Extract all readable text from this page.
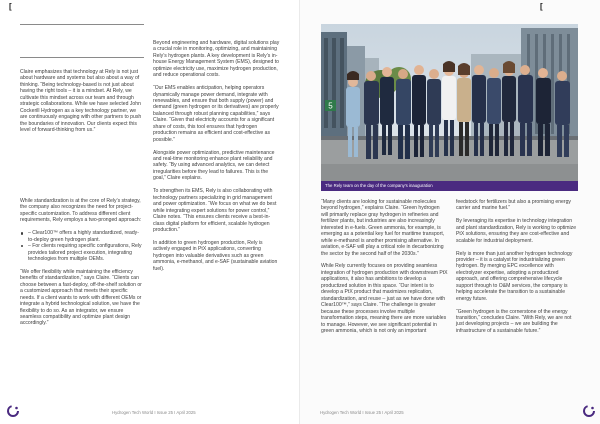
[

Claire emphasizes that technology at Rely is not just about hardware and systems but also about a way of thinking. “Being technology-based is not just about having the right tools – it is a mindset. At Rely, we cultivate this mindset across our team and through strategic collaborations. While we have selected John Cockerill Hydrogen as a key technology partner, we are continuously engaging with other partners to push the boundaries of innovation. Our clients expect this level of forward-thinking from us.”

While standardization is at the core of Rely’s strategy, the company also recognizes the need for project-specific customization. To address different client requirements, Rely employs a two-pronged approach:

– Clear100™ offers a highly standardized, ready-to-deploy green hydrogen plant.
– For clients requiring specific configurations, Rely provides tailored project execution, integrating technologies from multiple OEMs.

“We offer flexibility while maintaining the efficiency benefits of standardization,” says Claire. “Clients can choose between a fast-deploy, off-the-shelf solution or a customized approach that meets their specific needs. If a client wants to work with different OEMs or integrate a hybrid technological solution, we have the flexibility to do so. As an integrator, we ensure seamless compatibility and optimize plant design accordingly.”

Beyond engineering and hardware, digital solutions play a crucial role in monitoring, optimizing, and maintaining Rely’s hydrogen plants. A key development is Rely’s in-house Energy Management System (EMS), designed to optimize electricity use, maximize hydrogen production, and reduce operational costs.

“Our EMS enables anticipation, helping operators dynamically manage power demand, integrate with renewables, and ensure that both supply (power) and demand (green hydrogen or its derivatives) are properly balanced through robust planning capabilities,” says Claire. “Given that electricity accounts for a significant share of costs, this tool ensures that hydrogen production remains as efficient and cost-effective as possible.”

Alongside power optimization, predictive maintenance and real-time monitoring enhance plant reliability and safety. “By using advanced analytics, we can detect irregularities before they lead to failures. This is the goal,” Claire explains.

To strengthen its EMS, Rely is also collaborating with technology partners specializing in grid management and power optimization. “We focus on what we do best while integrating expert solutions for power control,” Claire notes. “This ensures clients receive a best-in-class digital platform for efficient, scalable hydrogen production.”

In addition to green hydrogen production, Rely is actively engaged in PtX applications, converting hydrogen into valuable derivatives such as green ammonia, e-methanol, and e-SAF (sustainable aviation fuel).

Hydrogen Tech World I Issue 25 I April 2025
[
Hydrogen Tech World I Issue 25 I April 2025
5
The Rely team on the day of the company’s inauguration

“Many clients are looking for sustainable molecules beyond hydrogen,” explains Claire. “Green hydrogen will primarily replace gray hydrogen in refineries and fertilizer plants, but industries are also increasingly interested in e-fuels. Green ammonia, for example, is emerging as a potential key fuel for maritime transport, while e-methanol is another promising alternative. In aviation, e-SAF will play a critical role in decarbonizing the sector by the second half of the 2030s.”

While Rely currently focuses on providing seamless integration of hydrogen production with downstream PtX applications, it also has ambitions to develop a productized solution in this space. “Our intent is to develop a PtX product that maximizes replication, standardization, and reuse – just as we have done with Clear100™,” says Claire. “The challenge is greater because these processes involve multiple transformation steps, meaning there are more variables to manage. However, we see significant potential in green ammonia, which is not only an important

feedstock for fertilizers but also a promising energy carrier and marine fuel.”

By leveraging its expertise in technology integration and plant standardization, Rely is working to optimize PtX solutions, ensuring they are cost-effective and scalable for industrial deployment.

Rely is more than just another hydrogen technology provider – it is a catalyst for industrializing green hydrogen. By merging EPC excellence with electrolyzer expertise, adopting a productized approach, and offering comprehensive lifecycle support through to O&M services, the company is helping accelerate the transition to a sustainable energy future.

“Green hydrogen is the cornerstone of the energy transition,” concludes Claire. “With Rely, we are not just developing projects – we are building the infrastructure of a sustainable future.”
